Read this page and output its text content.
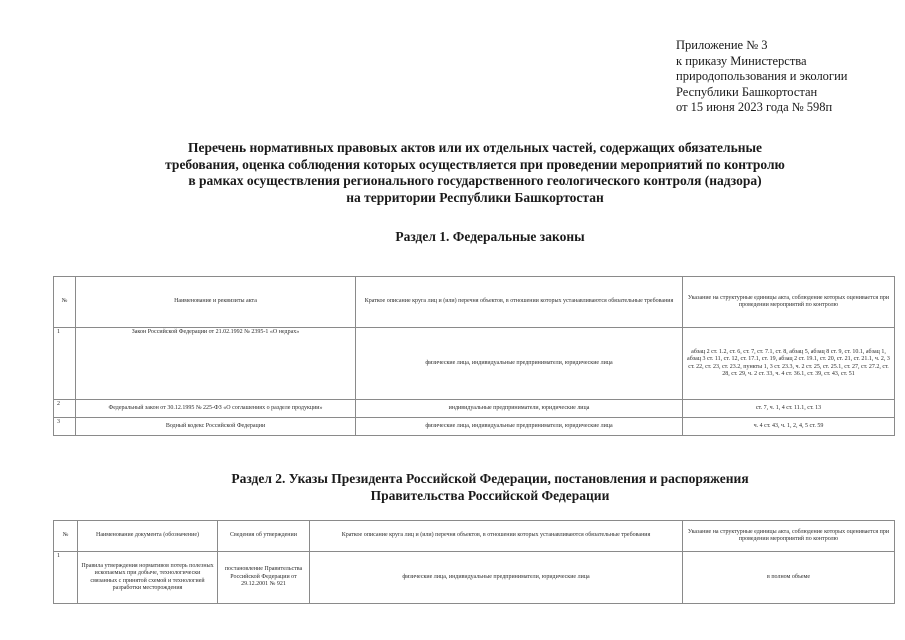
Приложение № 3
к приказу Министерства
природопользования и экологии
Республики Башкортостан
от 15 июня 2023 года № 598п
Перечень нормативных правовых актов или их отдельных частей, содержащих обязательные
требования, оценка соблюдения которых осуществляется при проведении мероприятий по контролю
в рамках осуществления регионального государственного геологического контроля (надзора)
на территории Республики Башкортостан
Раздел 1. Федеральные законы
№	Наименование и реквизиты акта	Краткое описание круга лиц и (или) перечня объектов, в отношении которых устанавливаются обязательные требования	Указание на структурные единицы акта, соблюдение которых оценивается при проведении мероприятий по контролю
1	Закон Российской Федерации от 21.02.1992 № 2395-1 «О недрах»	физические лица, индивидуальные предприниматели, юридические лица	абзац 2 ст. 1.2, ст. 6, ст. 7, ст. 7.1, ст. 8, абзац 5, абзац 8 ст. 9, ст. 10.1, абзац 1, абзац 3 ст. 11, ст. 12, ст. 17.1, ст. 19, абзац 2 ст. 19.1, ст. 20, ст. 21, ст. 21.1, ч. 2, 3 ст. 22, ст. 23, ст. 23.2, пункты 1, 3 ст. 23.3, ч. 2 ст. 25, ст. 25.1, ст. 27, ст. 27.2, ст. 28, ст. 29, ч. 2 ст. 33, ч. 4 ст. 36.1, ст. 39, ст. 43, ст. 51
2	Федеральный закон от 30.12.1995 № 225-ФЗ «О соглашениях о разделе продукции»	индивидуальные предприниматели, юридические лица	ст. 7, ч. 1, 4 ст. 11.1, ст. 13
3	Водный кодекс Российской Федерации	физические лица, индивидуальные предприниматели, юридические лица	ч. 4 ст. 43, ч. 1, 2, 4, 5 ст. 59
Раздел 2. Указы Президента Российской Федерации, постановления и распоряжения
Правительства Российской Федерации
№	Наименование документа (обозначение)	Сведения об утверждении	Краткое описание круга лиц и (или) перечня объектов, в отношении которых устанавливаются обязательные требования	Указание на структурные единицы акта, соблюдение которых оценивается при проведении мероприятий по контролю
1	Правила утверждения нормативов потерь полезных ископаемых при добыче, технологически связанных с принятой схемой и технологией разработки месторождения	постановление Правительства Российской Федерации от 29.12.2001 № 921	физические лица, индивидуальные предприниматели, юридические лица	в полном объеме
